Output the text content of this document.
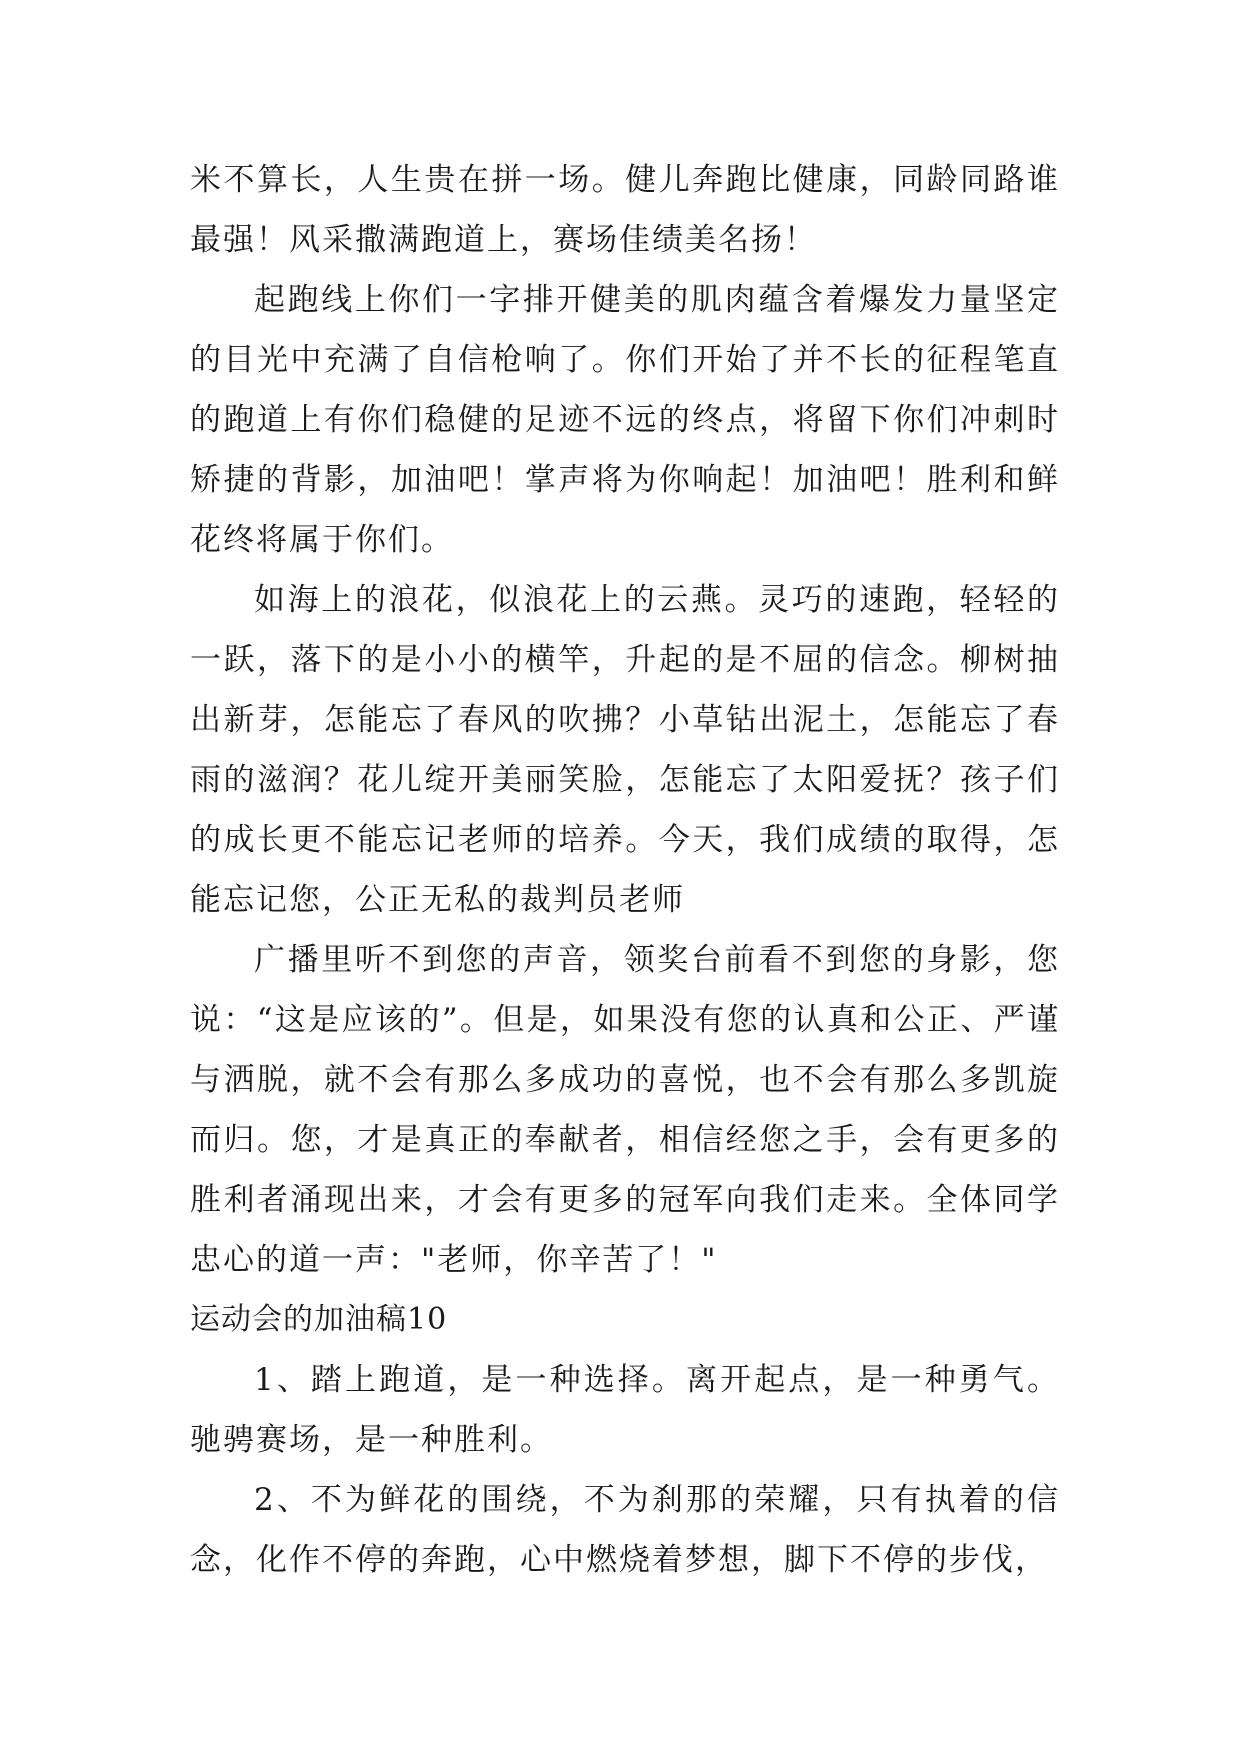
米不算长，人生贵在拼一场。健儿奔跑比健康，同龄同路谁最强！风采撒满跑道上，赛场佳绩美名扬！

起跑线上你们一字排开健美的肌肉蕴含着爆发力量坚定的目光中充满了自信枪响了。你们开始了并不长的征程笔直的跑道上有你们稳健的足迹不远的终点，将留下你们冲刺时矫捷的背影，加油吧！掌声将为你响起！加油吧！胜利和鲜花终将属于你们。

如海上的浪花，似浪花上的云燕。灵巧的速跑，轻轻的一跃，落下的是小小的横竿，升起的是不屈的信念。柳树抽出新芽，怎能忘了春风的吹拂？小草钻出泥土，怎能忘了春雨的滋润？花儿绽开美丽笑脸，怎能忘了太阳爱抚？孩子们的成长更不能忘记老师的培养。今天，我们成绩的取得，怎能忘记您，公正无私的裁判员老师

广播里听不到您的声音，领奖台前看不到您的身影，您说：“这是应该的”。但是，如果没有您的认真和公正、严谨与洒脱，就不会有那么多成功的喜悦，也不会有那么多凯旋而归。您，才是真正的奉献者，相信经您之手，会有更多的胜利者涌现出来，才会有更多的冠军向我们走来。全体同学忠心的道一声："老师，你辛苦了！"

运动会的加油稿10

1、踏上跑道，是一种选择。离开起点，是一种勇气。驰骋赛场，是一种胜利。

2、不为鲜花的围绕，不为刹那的荣耀，只有执着的信念，化作不停的奔跑，心中燃烧着梦想，脚下不停的步伐，
